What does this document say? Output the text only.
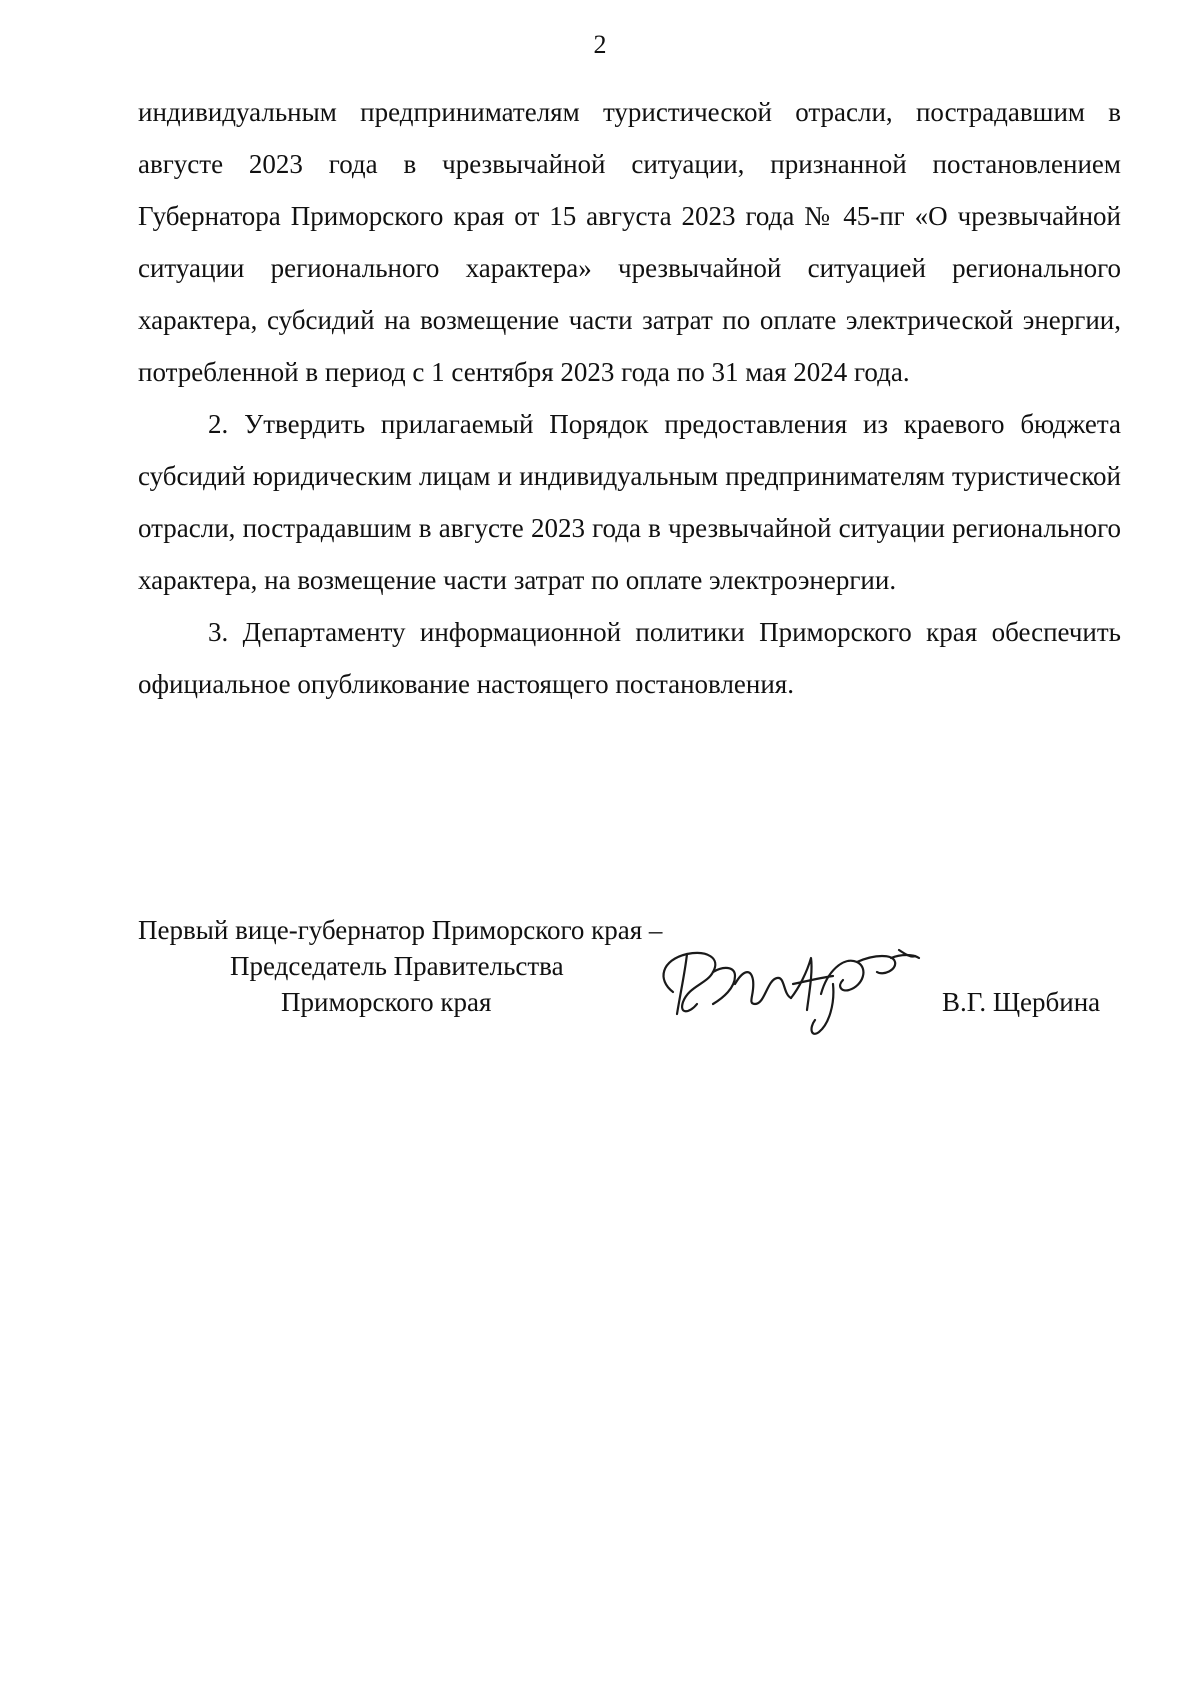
2

индивидуальным предпринимателям туристической отрасли, пострадавшим в августе 2023 года в чрезвычайной ситуации, признанной постановлением Губернатора Приморского края от 15 августа 2023 года № 45-пг «О чрезвычайной ситуации регионального характера» чрезвычайной ситуацией регионального характера, субсидий на возмещение части затрат по оплате электрической энергии, потребленной в период с 1 сентября 2023 года по 31 мая 2024 года.

2. Утвердить прилагаемый Порядок предоставления из краевого бюджета субсидий юридическим лицам и индивидуальным предпринимателям туристической отрасли, пострадавшим в августе 2023 года в чрезвычайной ситуации регионального характера, на возмещение части затрат по оплате электроэнергии.

3. Департаменту информационной политики Приморского края обеспечить официальное опубликование настоящего постановления.

Первый вице-губернатор Приморского края –
Председатель Правительства
Приморского края	В.Г. Щербина
